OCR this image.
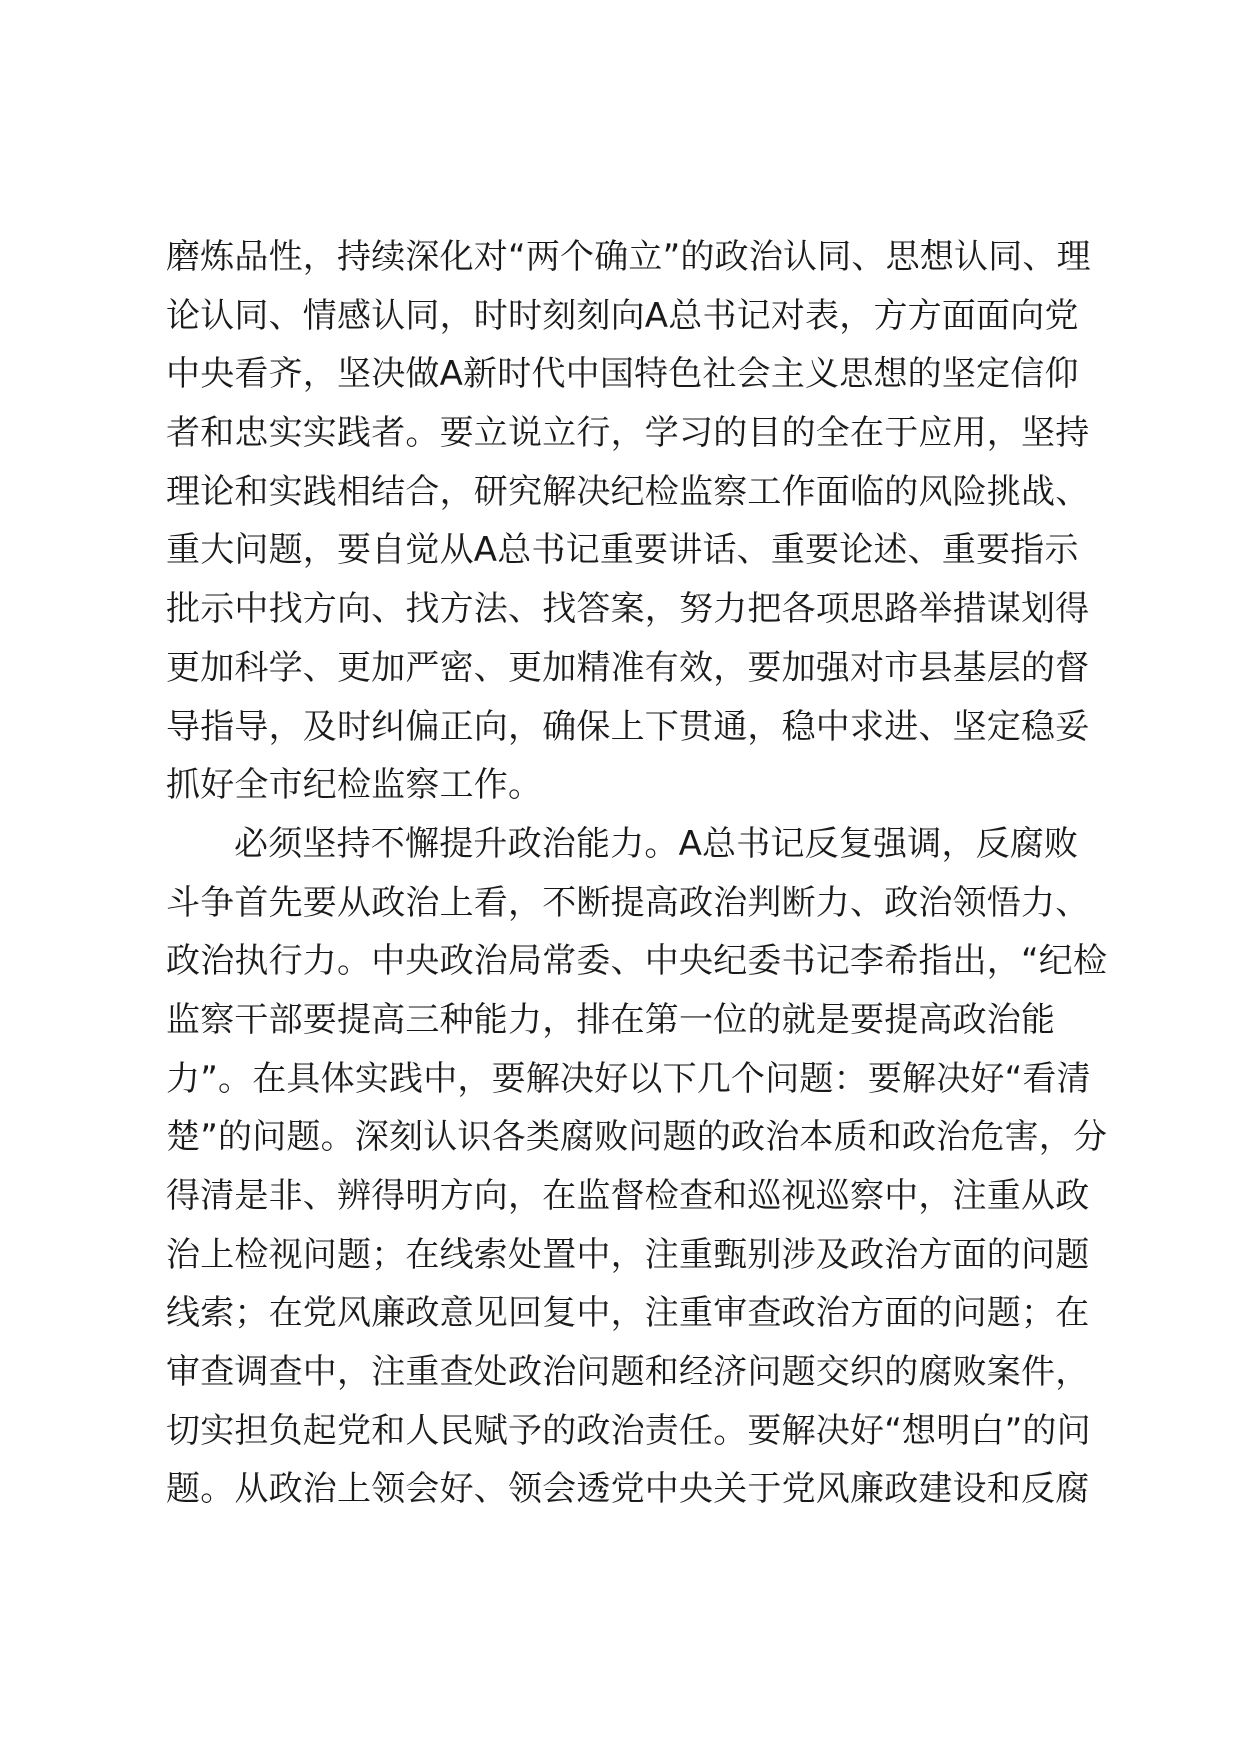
磨炼品性，持续深化对“两个确立”的政治认同、思想认同、理
论认同、情感认同，时时刻刻向A总书记对表，方方面面向党
中央看齐，坚决做A新时代中国特色社会主义思想的坚定信仰
者和忠实实践者。要立说立行，学习的目的全在于应用，坚持
理论和实践相结合，研究解决纪检监察工作面临的风险挑战、
重大问题，要自觉从A总书记重要讲话、重要论述、重要指示
批示中找方向、找方法、找答案，努力把各项思路举措谋划得
更加科学、更加严密、更加精准有效，要加强对市县基层的督
导指导，及时纠偏正向，确保上下贯通，稳中求进、坚定稳妥
抓好全市纪检监察工作。
必须坚持不懈提升政治能力。A总书记反复强调，反腐败
斗争首先要从政治上看，不断提高政治判断力、政治领悟力、
政治执行力。中央政治局常委、中央纪委书记李希指出，“纪检
监察干部要提高三种能力，排在第一位的就是要提高政治能
力”。在具体实践中，要解决好以下几个问题：要解决好“看清
楚”的问题。深刻认识各类腐败问题的政治本质和政治危害，分
得清是非、辨得明方向，在监督检查和巡视巡察中，注重从政
治上检视问题；在线索处置中，注重甄别涉及政治方面的问题
线索；在党风廉政意见回复中，注重审查政治方面的问题；在
审查调查中，注重查处政治问题和经济问题交织的腐败案件，
切实担负起党和人民赋予的政治责任。要解决好“想明白”的问
题。从政治上领会好、领会透党中央关于党风廉政建设和反腐
